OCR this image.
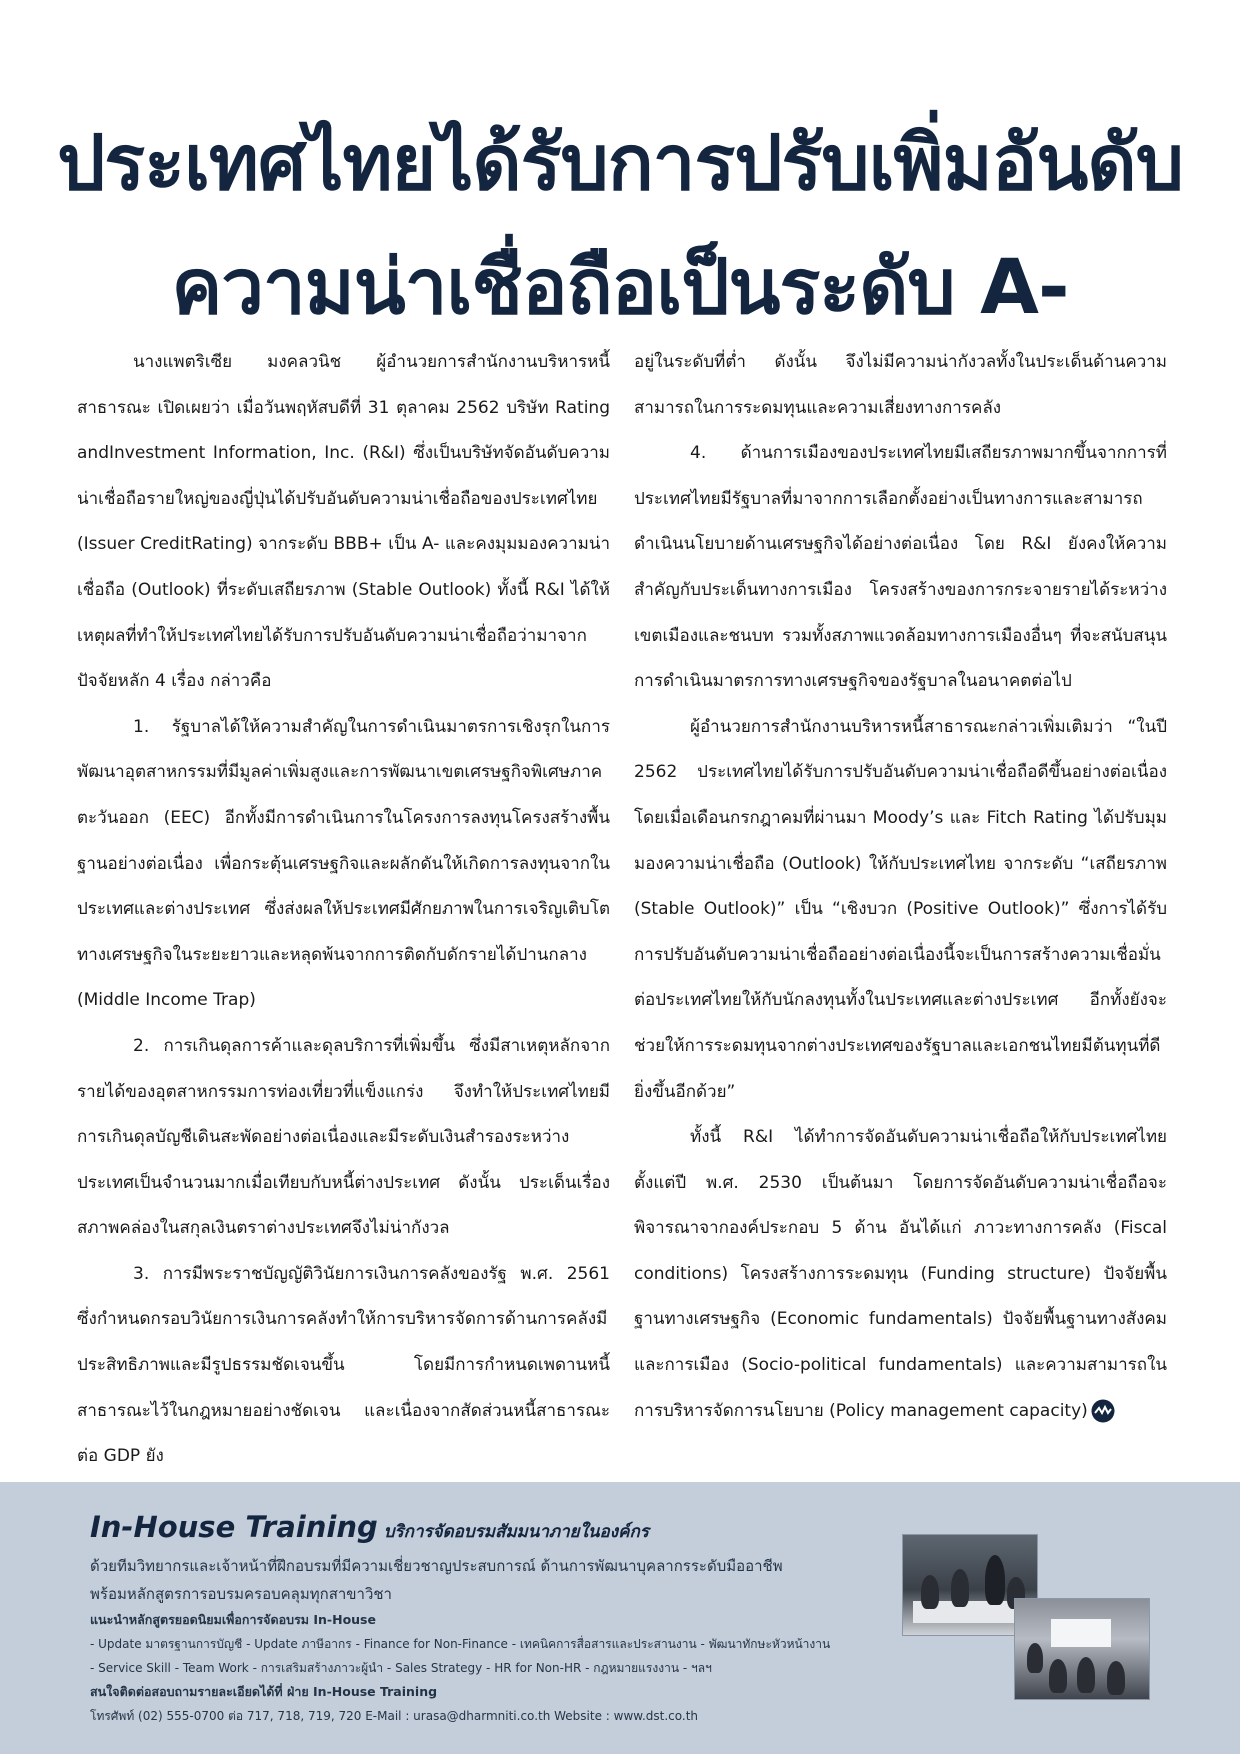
ประเทศไทยได้รับการปรับเพิ่มอันดับ
ความน่าเชื่อถือเป็นระดับ A-

นางแพตริเซีย มงคลวนิช ผู้อำนวยการสำนักงานบริหารหนี้สาธารณะ เปิดเผยว่า เมื่อวันพฤหัสบดีที่ 31 ตุลาคม 2562 บริษัท Rating andInvestment Information, Inc. (R&I) ซึ่งเป็นบริษัทจัดอันดับความน่าเชื่อถือรายใหญ่ของญี่ปุ่นได้ปรับอันดับความน่าเชื่อถือของประเทศไทย (Issuer CreditRating) จากระดับ BBB+ เป็น A- และคงมุมมองความน่าเชื่อถือ (Outlook) ที่ระดับเสถียรภาพ (Stable Outlook) ทั้งนี้ R&I ได้ให้เหตุผลที่ทำให้ประเทศไทยได้รับการปรับอันดับความน่าเชื่อถือว่ามาจากปัจจัยหลัก 4 เรื่อง กล่าวคือ

1. รัฐบาลได้ให้ความสำคัญในการดำเนินมาตรการเชิงรุกในการพัฒนาอุตสาหกรรมที่มีมูลค่าเพิ่มสูงและการพัฒนาเขตเศรษฐกิจพิเศษภาคตะวันออก (EEC) อีกทั้งมีการดำเนินการในโครงการลงทุนโครงสร้างพื้นฐานอย่างต่อเนื่อง เพื่อกระตุ้นเศรษฐกิจและผลักดันให้เกิดการลงทุนจากในประเทศและต่างประเทศ ซึ่งส่งผลให้ประเทศมีศักยภาพในการเจริญเติบโตทางเศรษฐกิจในระยะยาวและหลุดพ้นจากการติดกับดักรายได้ปานกลาง (Middle Income Trap)

2. การเกินดุลการค้าและดุลบริการที่เพิ่มขึ้น ซึ่งมีสาเหตุหลักจากรายได้ของอุตสาหกรรมการท่องเที่ยวที่แข็งแกร่ง จึงทำให้ประเทศไทยมีการเกินดุลบัญชีเดินสะพัดอย่างต่อเนื่องและมีระดับเงินสำรองระหว่างประเทศเป็นจำนวนมากเมื่อเทียบกับหนี้ต่างประเทศ ดังนั้น ประเด็นเรื่องสภาพคล่องในสกุลเงินตราต่างประเทศจึงไม่น่ากังวล

3. การมีพระราชบัญญัติวินัยการเงินการคลังของรัฐ พ.ศ. 2561 ซึ่งกำหนดกรอบวินัยการเงินการคลังทำให้การบริหารจัดการด้านการคลังมีประสิทธิภาพและมีรูปธรรมชัดเจนขึ้น โดยมีการกำหนดเพดานหนี้สาธารณะไว้ในกฎหมายอย่างชัดเจน และเนื่องจากสัดส่วนหนี้สาธารณะต่อ GDP ยัง

อยู่ในระดับที่ต่ำ ดังนั้น จึงไม่มีความน่ากังวลทั้งในประเด็นด้านความสามารถในการระดมทุนและความเสี่ยงทางการคลัง

4. ด้านการเมืองของประเทศไทยมีเสถียรภาพมากขึ้นจากการที่ประเทศไทยมีรัฐบาลที่มาจากการเลือกตั้งอย่างเป็นทางการและสามารถดำเนินนโยบายด้านเศรษฐกิจได้อย่างต่อเนื่อง โดย R&I ยังคงให้ความสำคัญกับประเด็นทางการเมือง โครงสร้างของการกระจายรายได้ระหว่างเขตเมืองและชนบท รวมทั้งสภาพแวดล้อมทางการเมืองอื่นๆ ที่จะสนับสนุนการดำเนินมาตรการทางเศรษฐกิจของรัฐบาลในอนาคตต่อไป

ผู้อำนวยการสำนักงานบริหารหนี้สาธารณะกล่าวเพิ่มเติมว่า “ในปี 2562 ประเทศไทยได้รับการปรับอันดับความน่าเชื่อถือดีขึ้นอย่างต่อเนื่อง โดยเมื่อเดือนกรกฎาคมที่ผ่านมา Moody’s และ Fitch Rating ได้ปรับมุมมองความน่าเชื่อถือ (Outlook) ให้กับประเทศไทย จากระดับ “เสถียรภาพ (Stable Outlook)” เป็น “เชิงบวก (Positive Outlook)” ซึ่งการได้รับการปรับอันดับความน่าเชื่อถืออย่างต่อเนื่องนี้จะเป็นการสร้างความเชื่อมั่นต่อประเทศไทยให้กับนักลงทุนทั้งในประเทศและต่างประเทศ อีกทั้งยังจะช่วยให้การระดมทุนจากต่างประเทศของรัฐบาลและเอกชนไทยมีต้นทุนที่ดียิ่งขึ้นอีกด้วย”

ทั้งนี้ R&I ได้ทำการจัดอันดับความน่าเชื่อถือให้กับประเทศไทยตั้งแต่ปี พ.ศ. 2530 เป็นต้นมา โดยการจัดอันดับความน่าเชื่อถือจะพิจารณาจากองค์ประกอบ 5 ด้าน อันได้แก่ ภาวะทางการคลัง (Fiscal conditions) โครงสร้างการระดมทุน (Funding structure) ปัจจัยพื้นฐานทางเศรษฐกิจ (Economic fundamentals) ปัจจัยพื้นฐานทางสังคมและการเมือง (Socio-political fundamentals) และความสามารถในการบริหารจัดการนโยบาย (Policy management capacity)

In-House Training บริการจัดอบรมสัมมนาภายในองค์กร
ด้วยทีมวิทยากรและเจ้าหน้าที่ฝึกอบรมที่มีความเชี่ยวชาญประสบการณ์ ด้านการพัฒนาบุคลากรระดับมืออาชีพ
พร้อมหลักสูตรการอบรมครอบคลุมทุกสาขาวิชา
แนะนำหลักสูตรยอดนิยมเพื่อการจัดอบรม In-House
- Update มาตรฐานการบัญชี - Update ภาษีอากร - Finance for Non-Finance - เทคนิคการสื่อสารและประสานงาน - พัฒนาทักษะหัวหน้างาน
- Service Skill - Team Work - การเสริมสร้างภาวะผู้นำ - Sales Strategy - HR for Non-HR - กฎหมายแรงงาน - ฯลฯ
สนใจติดต่อสอบถามรายละเอียดได้ที่ ฝ่าย In-House Training
โทรศัพท์ (02) 555-0700 ต่อ 717, 718, 719, 720 E-Mail : urasa@dharmniti.co.th Website : www.dst.co.th
